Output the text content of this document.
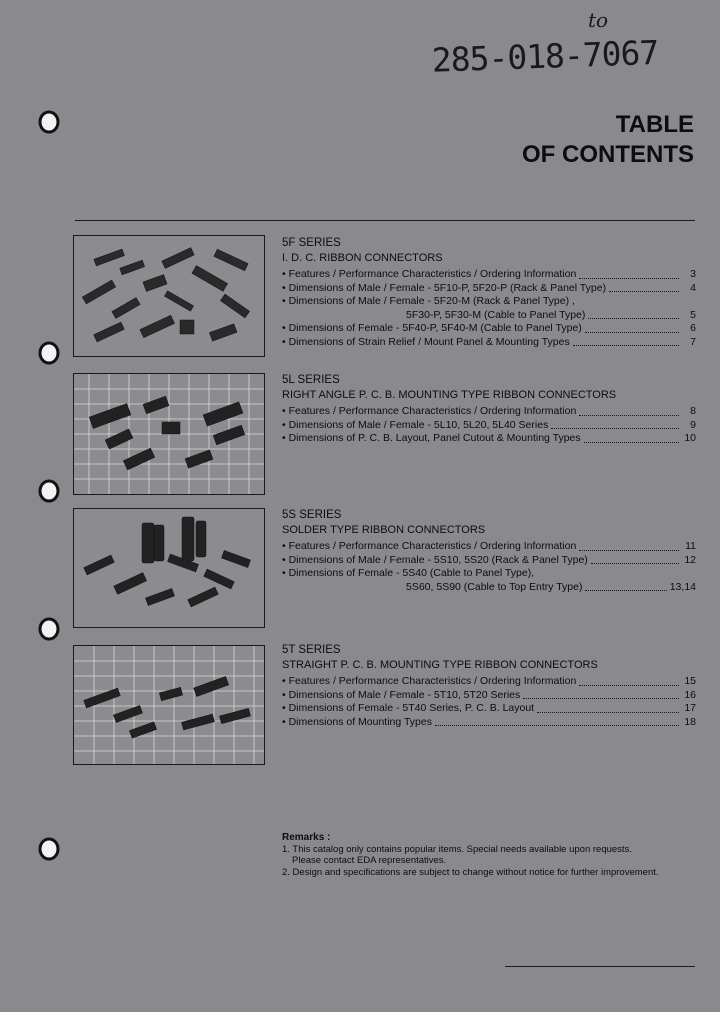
to
285-018-7067
TABLE
OF CONTENTS
5F SERIES
I. D. C. RIBBON CONNECTORS
• Features / Performance Characteristics / Ordering Information	3
• Dimensions of Male / Female - 5F10-P, 5F20-P (Rack & Panel Type)	4
• Dimensions of Male / Female - 5F20-M (Rack & Panel Type) ,
5F30-P, 5F30-M (Cable to Panel Type)	5
• Dimensions of Female - 5F40-P, 5F40-M (Cable to Panel Type)	6
• Dimensions of Strain Relief / Mount Panel & Mounting Types	7
5L SERIES
RIGHT ANGLE P. C. B. MOUNTING TYPE RIBBON CONNECTORS
• Features / Performance Characteristics / Ordering Information	8
• Dimensions of Male / Female - 5L10, 5L20, 5L40 Series	9
• Dimensions of P. C. B. Layout, Panel Cutout & Mounting Types	10
5S SERIES
SOLDER TYPE RIBBON CONNECTORS
• Features / Performance Characteristics / Ordering Information	11
• Dimensions of Male / Female - 5S10, 5S20 (Rack & Panel Type)	12
• Dimensions of Female - 5S40 (Cable to Panel Type),
5S60, 5S90 (Cable to Top Entry Type)	13,14
5T SERIES
STRAIGHT P. C. B. MOUNTING TYPE RIBBON CONNECTORS
• Features / Performance Characteristics / Ordering Information	15
• Dimensions of Male / Female - 5T10, 5T20 Series	16
• Dimensions of Female - 5T40 Series, P. C. B. Layout	17
• Dimensions of Mounting Types	18
Remarks :
1. This catalog only contains popular items. Special needs available upon requests.
Please contact EDA representatives.
2. Design and specifications are subject to change without notice for further improvement.
